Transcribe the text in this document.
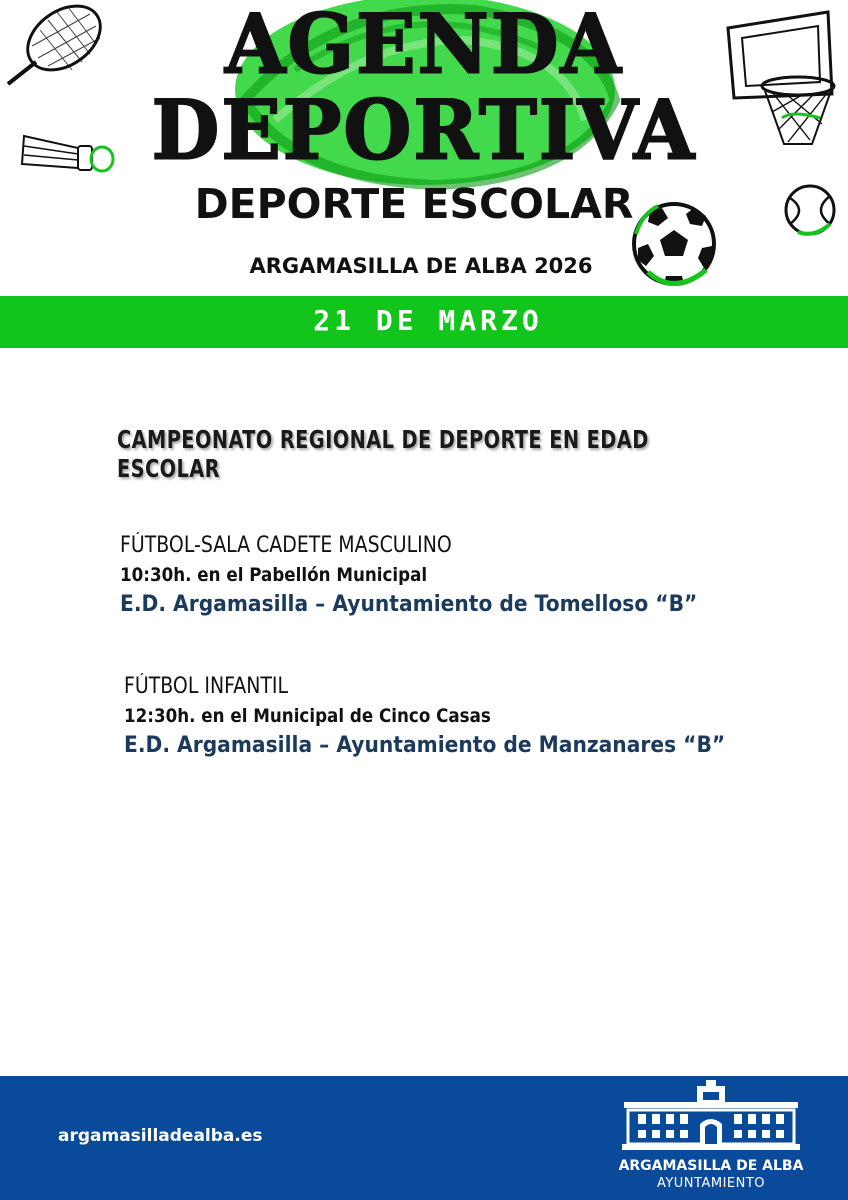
AGENDA
DEPORTIVA
DEPORTE ESCOLAR
ARGAMASILLA DE ALBA 2026
21 DE MARZO
CAMPEONATO REGIONAL DE DEPORTE EN EDAD ESCOLAR
FÚTBOL-SALA CADETE MASCULINO
10:30h. en el Pabellón Municipal
E.D. Argamasilla – Ayuntamiento de Tomelloso “B”
FÚTBOL INFANTIL
12:30h. en el Municipal de Cinco Casas
E.D. Argamasilla – Ayuntamiento de Manzanares “B”
argamasilladealba.es
ARGAMASILLA DE ALBA
AYUNTAMIENTO
